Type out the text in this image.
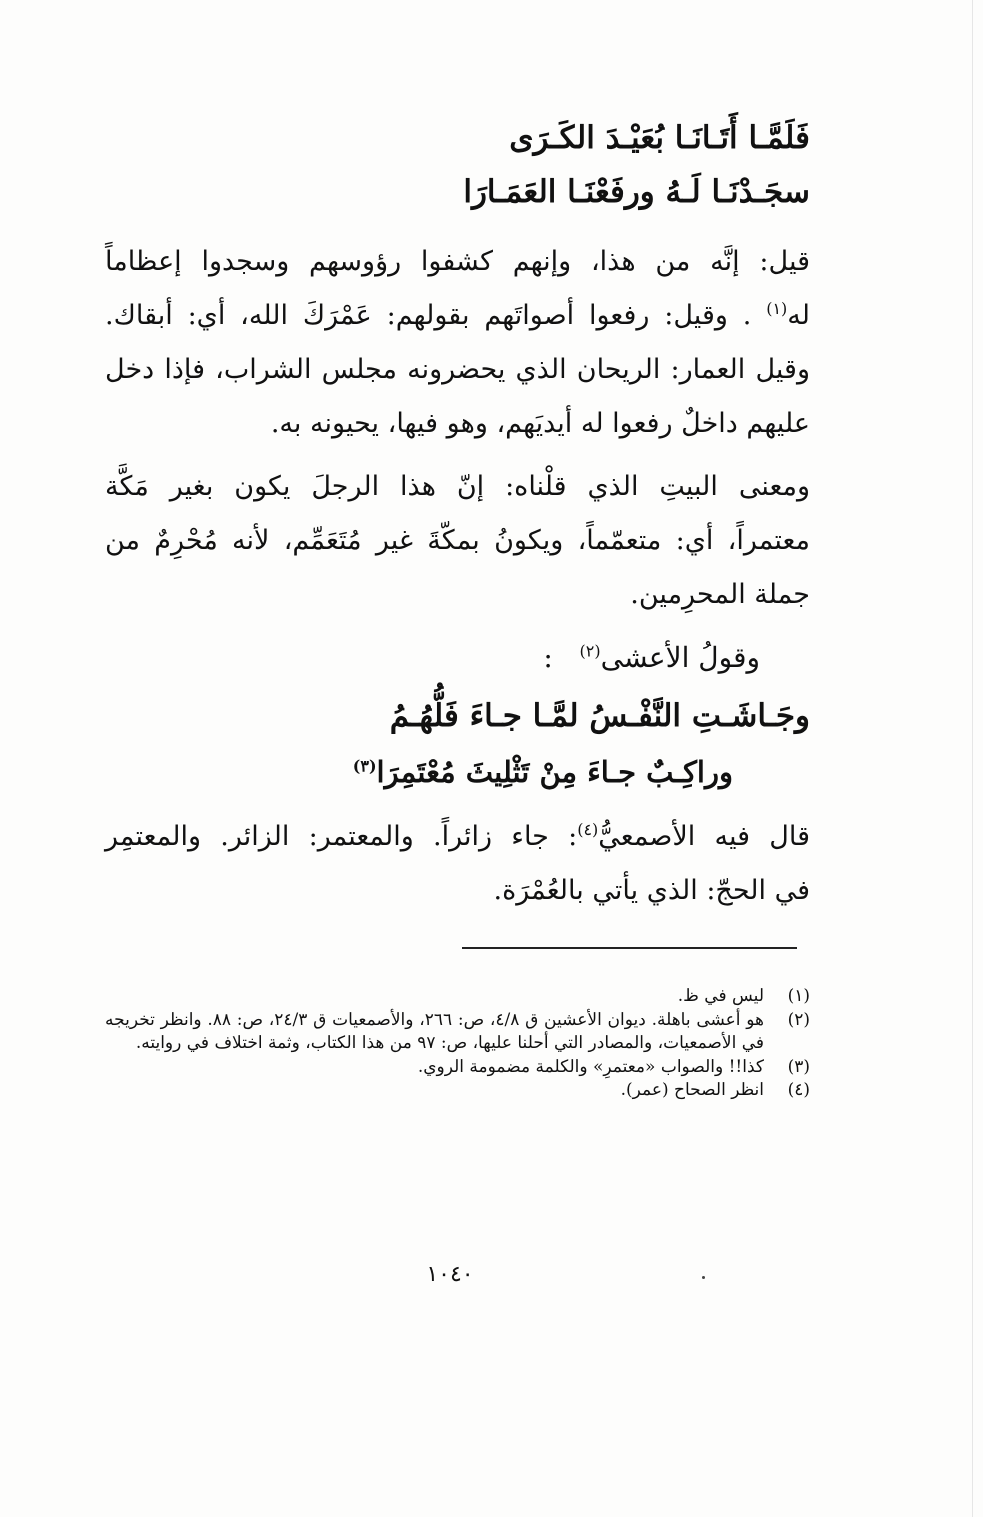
فَلَمَّـا أَتَـانَـا بُعَيْـدَ الكَـرَى
سجَـدْنَـا لَـهُ ورفَعْنَـا العَمَـارَا
قيل: إنَّه من هذا، وإنهم كشفوا رؤوسهم وسجدوا إعظاماً
له$^{(١)}$ . وقيل: رفعوا أصواتَهم بقولهم: عَمْرَكَ الله، أي: أبقاك.
وقيل العمار: الريحان الذي يحضرونه مجلس الشراب، فإذا دخل
عليهم داخلٌ رفعوا له أيديَهم، وهو فيها، يحيونه به.
ومعنى البيتِ الذي قلْناه: إنّ هذا الرجلَ يكون بغير مَكَّة
معتمراً، أي: متعمّماً، ويكونُ بمكّةَ غير مُتَعَمِّم، لأنه مُحْرِمٌ من
جملة المحرِمين.
وقولُ الأعشى$^{(٢)}$   :
وجَـاشَـتِ النَّفْـسُ لمَّـا جـاءَ فَلُّهُـمُ
وراكِـبٌ جـاءَ مِنْ تَثْلِيثَ مُعْتَمِرَا$^{(٣)}$
قال فيه الأصمعيُّ$^{(٤)}$: جاء زائراً. والمعتمر: الزائر. والمعتمِر
في الحجّ: الذي يأتي بالعُمْرَة.
(١)
ليس في ظ.
(٢)
هو أعشى باهلة. ديوان الأعشين ق ٤/٨، ص: ٢٦٦، والأصمعيات ق ٢٤/٣، ص: ٨٨. وانظر تخريجه في الأصمعيات، والمصادر التي أحلنا عليها، ص: ٩٧ من هذا الكتاب، وثمة اختلاف في روايته.
(٣)
كذا!! والصواب «معتمرِ» والكلمة مضمومة الروي.
(٤)
انظر الصحاح (عمر).
١٠٤٠
